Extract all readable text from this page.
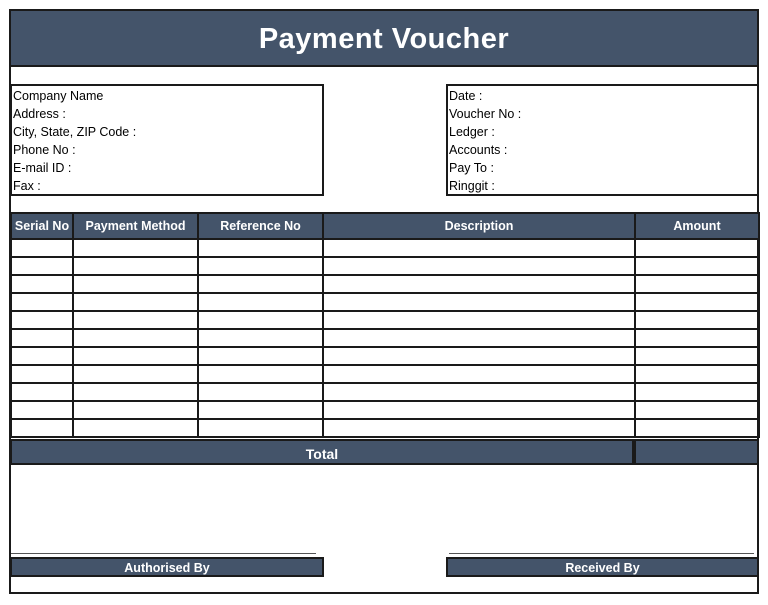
Payment Voucher
Company Name
Address :
City, State, ZIP Code :
Phone No :
E-mail ID :
Fax :
Date :
Voucher No :
Ledger :
Accounts :
Pay To :
Ringgit :
Serial No	Payment Method	Reference No	Description	Amount

Total
Authorised By	Received By
